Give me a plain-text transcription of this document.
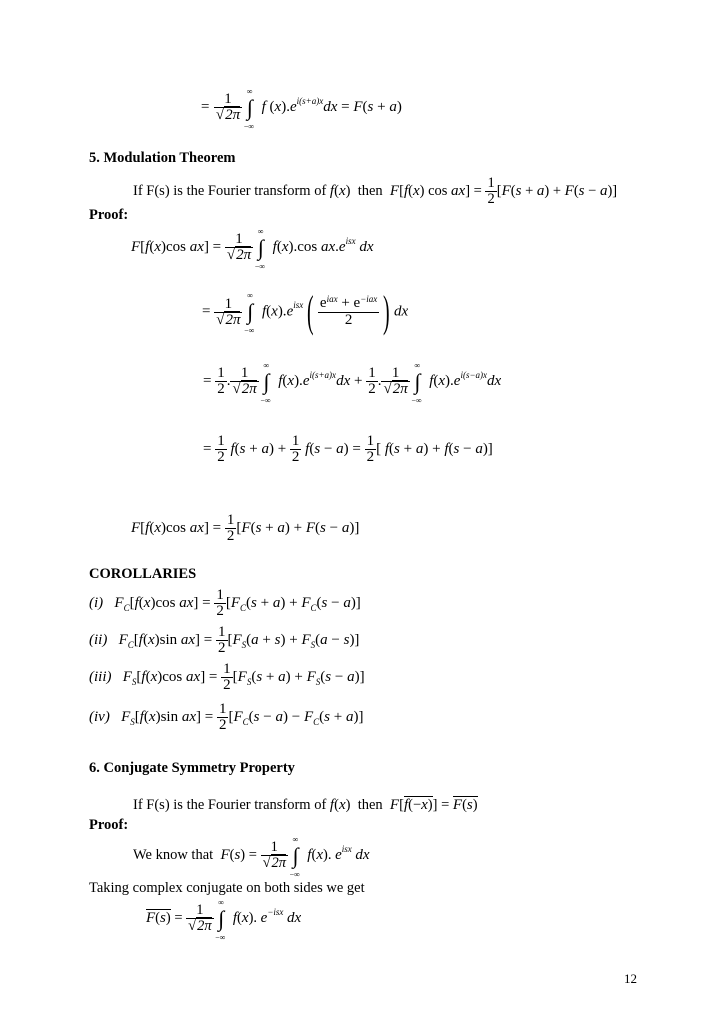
= 1
√ 2π

∞
∫
−∞
f $(x).e^{i(s+a)x}dx = F(s + a)$
5. Modulation Theorem
If F(s) is the Fourier transform of f(x)  then F[f(x) $\cos ax] = \frac{1}{2} [F(s + a) + F(s - a)]$
Proof:
F[f(x)cos ax] = 1
√ 2π

∞
∫
−∞
f(x).cos $ax.e^{isx}$ dx
= 1
√ 2π

∞
∫
−∞
$f(x).e^{isx}( \frac{e^{iax} + e^{-iax}}{2}$ ) dx
= $\frac{1}{2}$ . 1
√ 2π

∞
∫
−∞
$f(x).e^{i(s+a)x}dx + \frac{1}{2}$ . 1
√ 2π

∞
∫
−∞
$f(x).e^{i(s-a)x}dx$
= $\frac{1}{2} f(s + a) + \frac{1}{2} f(s - a) = \frac{1}{2}$ [ f(s + a) + f(s − a)]
F[f(x)cos $ax] = \frac{1}{2} [F(s + a) + F(s - a)]$
COROLLARIES
(i)   $F_C[f(x)\cos$ $ax] = \frac{1}{2} [F_C(s + a) + F_C(s - a)]$
(ii)   $F_C[f(x)\sin$ $ax] = \frac{1}{2} [F_S(a + s) + F_S(a - s)]$
(iii)   $F_S[f(x)\cos$ $ax] = \frac{1}{2} [F_S(s + a) + F_S(s - a)]$
(iv)   $F_S[f(x)\sin$ $ax] = \frac{1}{2} [F_C(s - a) - F_C(s + a)]$
6. Conjugate Symmetry Property
If F(s) is the Fourier transform of f(x)  then F[f(−x)] = F(s)
Proof:
We know that F(s) = 1
√ 2π

∞
∫
−∞
f(x). $e^{isx}$ dx
Taking complex conjugate on both sides we get
F(s) = 1
√ 2π

∞
∫
−∞
f(x). $e^{-isx}$ dx
12
